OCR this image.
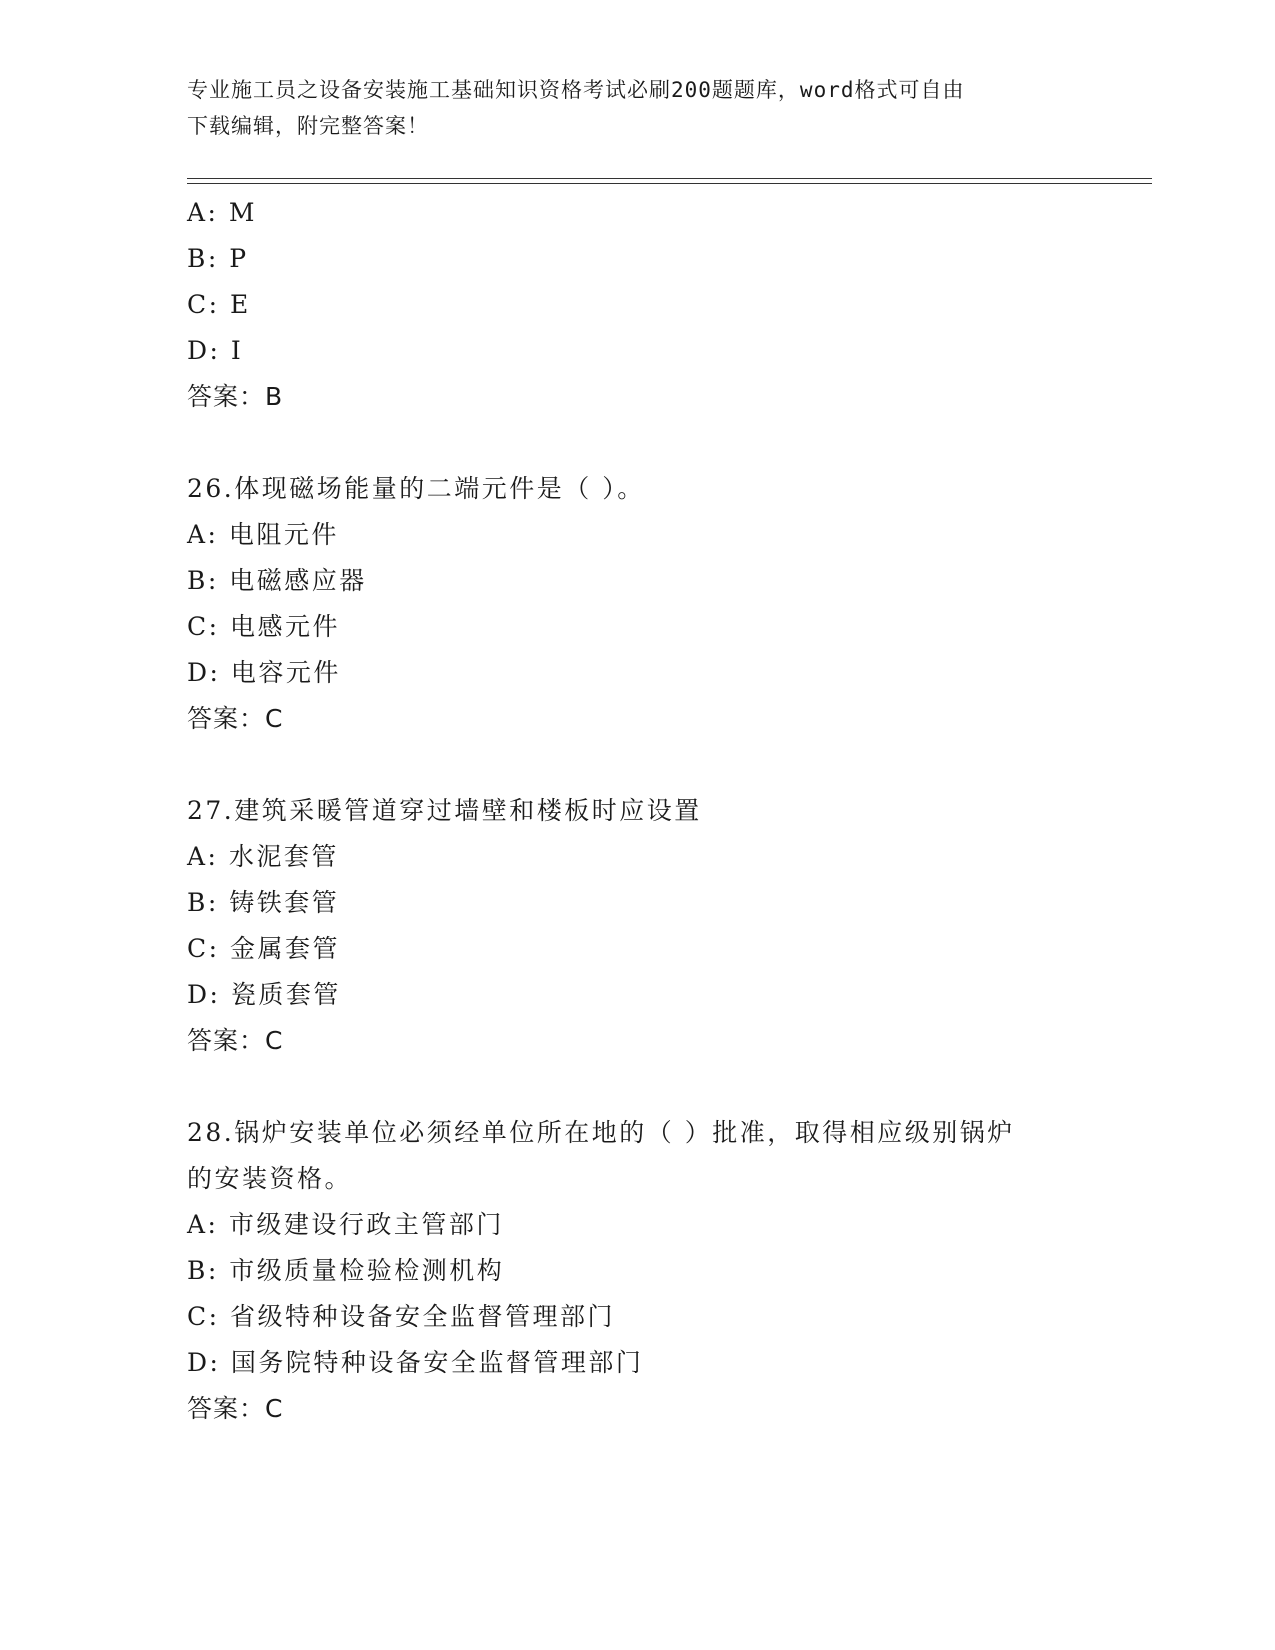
专业施工员之设备安装施工基础知识资格考试必刷200题题库，word格式可自由
下载编辑，附完整答案！
A: M
B: P
C: E
D: I
答案：B
26.体现磁场能量的二端元件是（ ）。
A: 电阻元件
B: 电磁感应器
C: 电感元件
D: 电容元件
答案：C
27.建筑采暖管道穿过墙壁和楼板时应设置
A: 水泥套管
B: 铸铁套管
C: 金属套管
D: 瓷质套管
答案：C
28.锅炉安装单位必须经单位所在地的（ ）批准，取得相应级别锅炉
的安装资格。
A: 市级建设行政主管部门
B: 市级质量检验检测机构
C: 省级特种设备安全监督管理部门
D: 国务院特种设备安全监督管理部门
答案：C
